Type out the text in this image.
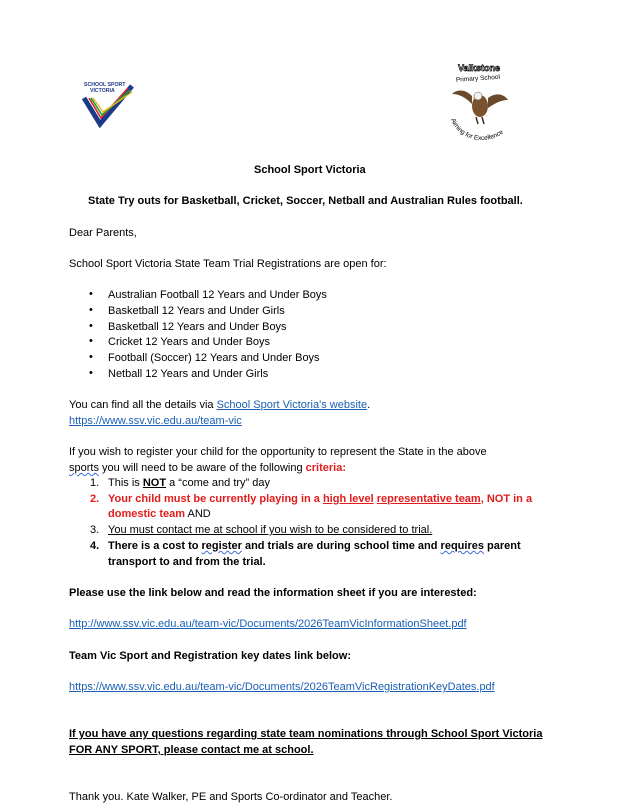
SCHOOL SPORT
VICTORIA
Valkstone
Primary School
Aiming for Excellence
School Sport Victoria
State Try outs for Basketball, Cricket, Soccer, Netball and Australian Rules football.
Dear Parents,
School Sport Victoria State Team Trial Registrations are open for:
• Australian Football 12 Years and Under Boys
• Basketball 12 Years and Under Girls
• Basketball 12 Years and Under Boys
• Cricket 12 Years and Under Boys
• Football (Soccer) 12 Years and Under Boys
• Netball 12 Years and Under Girls
You can find all the details via School Sport Victoria's website.
https://www.ssv.vic.edu.au/team-vic
If you wish to register your child for the opportunity to represent the State in the above
sports you will need to be aware of the following criteria:
1. This is NOT a “come and try” day
2. Your child must be currently playing in a high level representative team, NOT in a
domestic team AND
3. You must contact me at school if you wish to be considered to trial.
4. There is a cost to register and trials are during school time and requires parent
transport to and from the trial.
Please use the link below and read the information sheet if you are interested:
http://www.ssv.vic.edu.au/team-vic/Documents/2026TeamVicInformationSheet.pdf
Team Vic Sport and Registration key dates link below:
https://www.ssv.vic.edu.au/team-vic/Documents/2026TeamVicRegistrationKeyDates.pdf
If you have any questions regarding state team nominations through School Sport Victoria
FOR ANY SPORT, please contact me at school.
Thank you. Kate Walker, PE and Sports Co-ordinator and Teacher.
